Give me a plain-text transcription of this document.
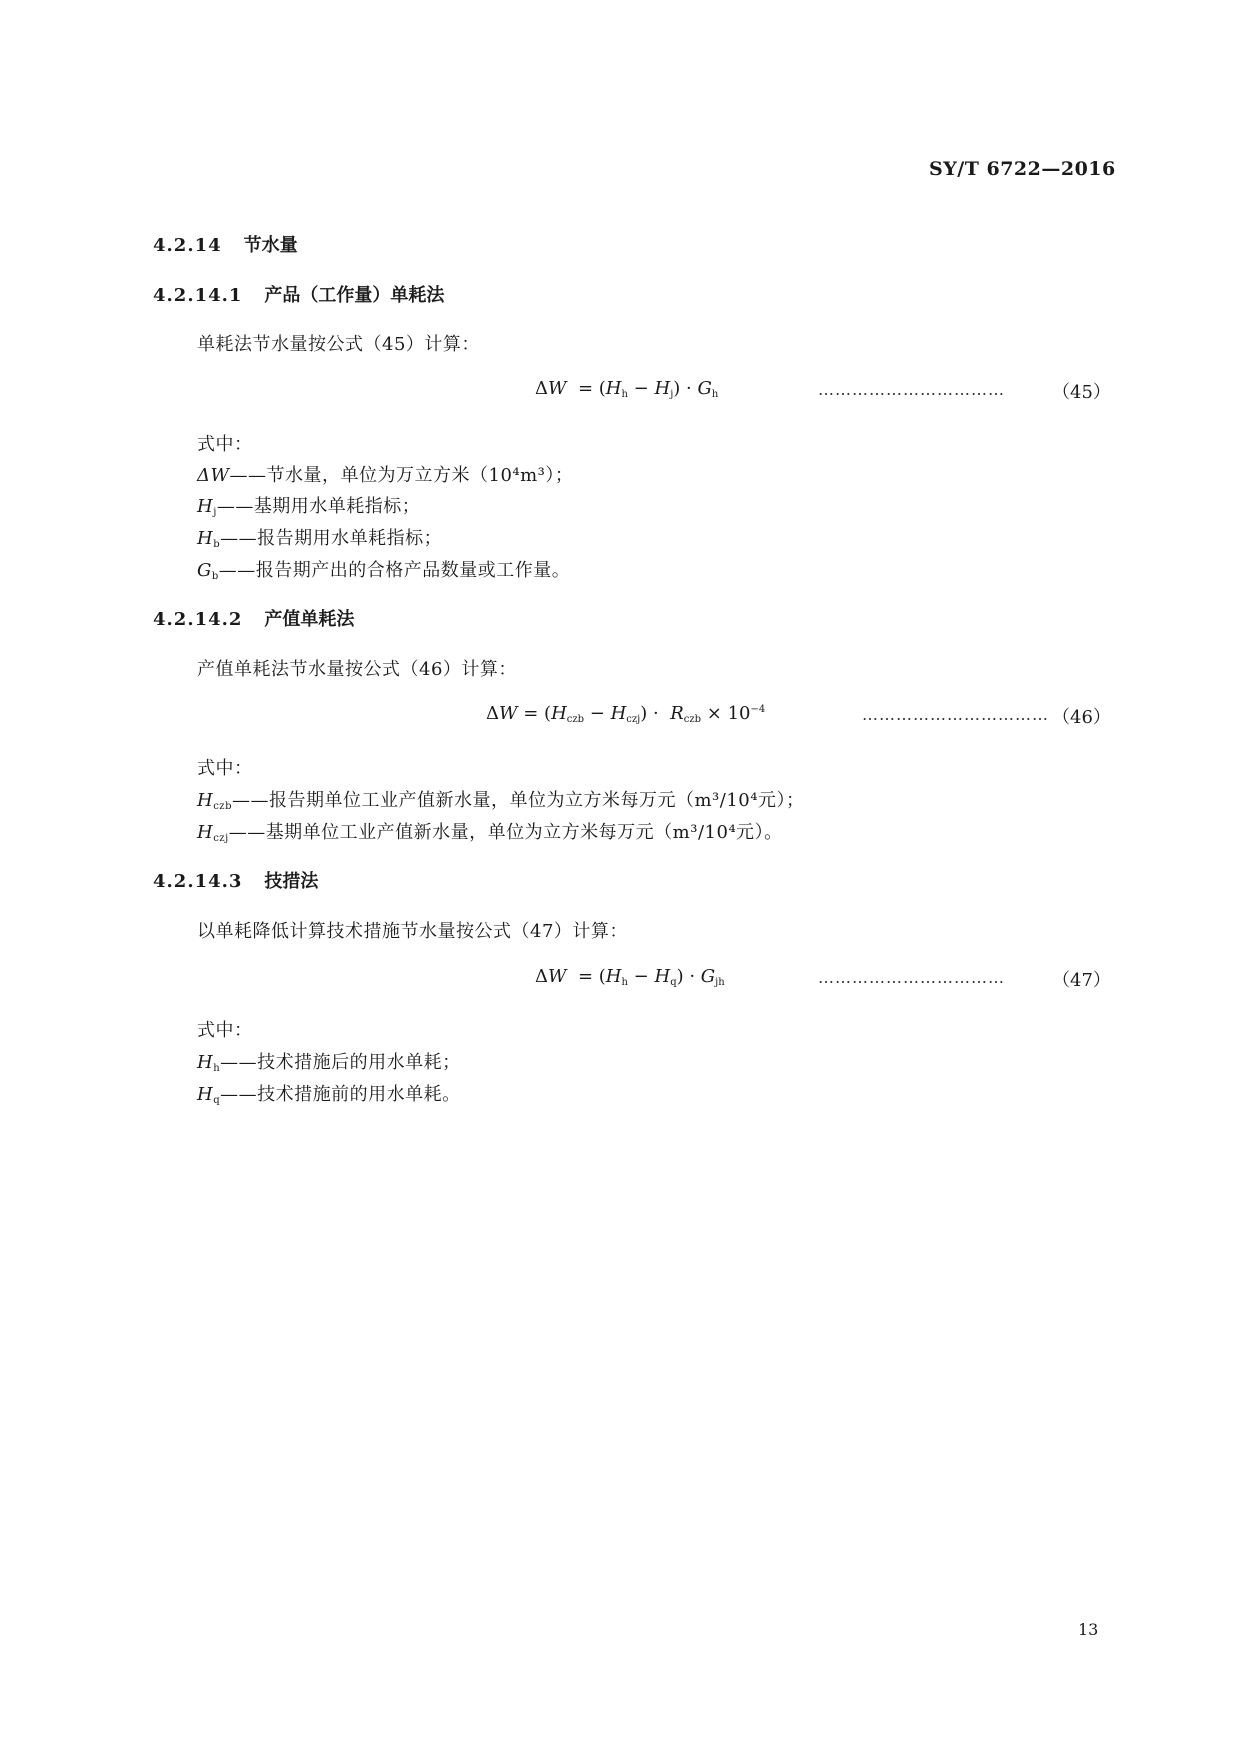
SY/T 6722—2016
4.2.14 节水量
4.2.14.1 产品（工作量）单耗法
单耗法节水量按公式（45）计算：
$\Delta W = (H_h - H_j) \cdot G_h$	……………………………	（45）
式中：
ΔW——节水量，单位为万立方米（10⁴m³）；
$H_j——$基期用水单耗指标；
$H_b——$报告期用水单耗指标；
$G_b——$报告期产出的合格产品数量或工作量。
4.2.14.2 产值单耗法
产值单耗法节水量按公式（46）计算：
$\Delta W = (H_{czb} - H_{czj}) \cdot R_{czb} \times 10^{-4}$	…………………………… （46）
式中：
$H_{czb}——$报告期单位工业产值新水量，单位为立方米每万元（m³/10⁴元）；
$H_{czj}——$基期单位工业产值新水量，单位为立方米每万元（m³/10⁴元）。
4.2.14.3 技措法
以单耗降低计算技术措施节水量按公式（47）计算：
$\Delta W = (H_h - H_q) \cdot G_{jh}$	……………………………	（47）
式中：
$H_h——$技术措施后的用水单耗；
$H_q——$技术措施前的用水单耗。
13
